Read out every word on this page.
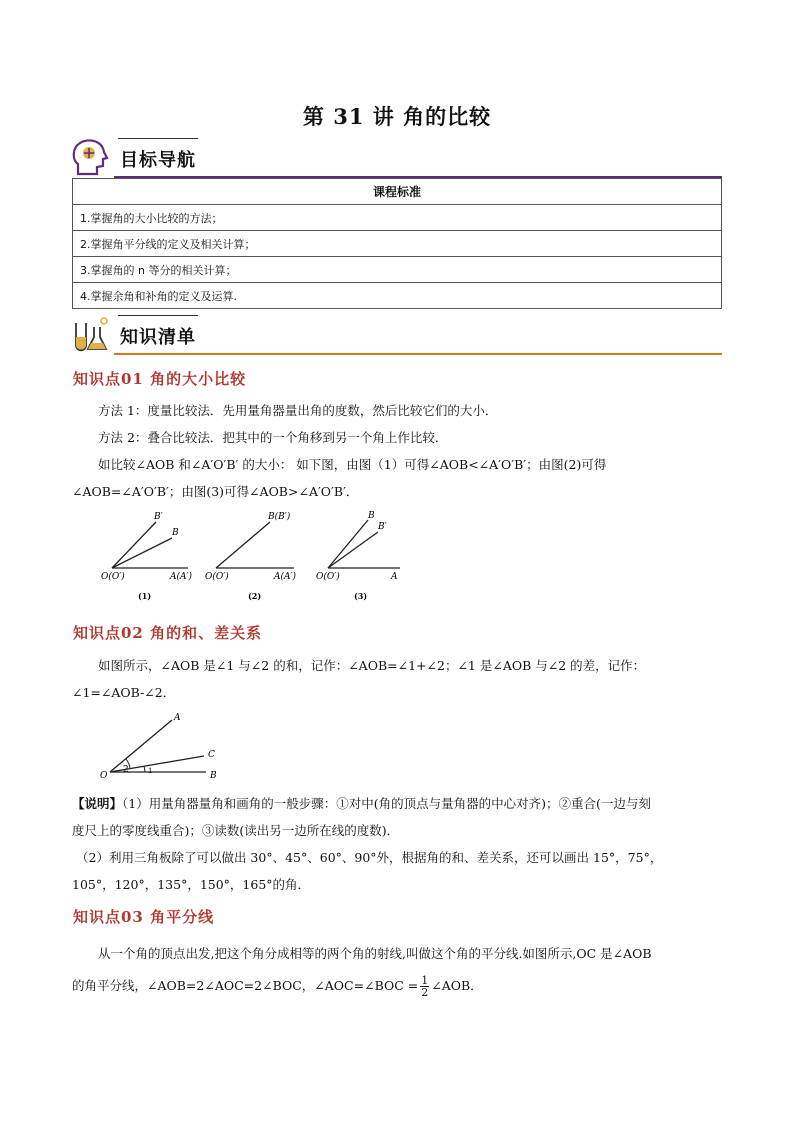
第 31 讲 角的比较
目标导航
课程标准
1.掌握角的大小比较的方法；
2.掌握角平分线的定义及相关计算；
3.掌握角的 n 等分的相关计算；
4.掌握余角和补角的定义及运算.
知识清单
知识点01 角的大小比较
方法 1：度量比较法．先用量角器量出角的度数，然后比较它们的大小．
方法 2：叠合比较法．把其中的一个角移到另一个角上作比较．
如比较∠AOB 和∠A′O′B′ 的大小： 如下图，由图（1）可得∠AOB<∠A′O′B′；由图(2)可得
∠AOB=∠A′O′B′；由图(3)可得∠AOB>∠A′O′B′．
O(O′)	A(A′)
B
B′
(1)
O(O′)	A(A′)
B(B′)
(2)
O(O′)	A
B
B′
(3)
知识点02 角的和、差关系
如图所示，∠AOB 是∠1 与∠2 的和，记作：∠AOB=∠1+∠2；∠1 是∠AOB 与∠2 的差，记作：
∠1=∠AOB-∠2．
A
C
O	B
2	1
【说明】（1）用量角器量角和画角的一般步骤：①对中(角的顶点与量角器的中心对齐)；②重合(一边与刻
度尺上的零度线重合)；③读数(读出另一边所在线的度数)．
（2）利用三角板除了可以做出 30°、45°、60°、90°外，根据角的和、差关系，还可以画出 15°，75°，
105°，120°，135°，150°，165°的角．
知识点03 角平分线
从一个角的顶点出发,把这个角分成相等的两个角的射线,叫做这个角的平分线.如图所示,OC 是∠AOB
的角平分线，∠AOB=2∠AOC=2∠BOC，∠AOC=∠BOC = $\frac{1}{2}$ ∠AOB．
